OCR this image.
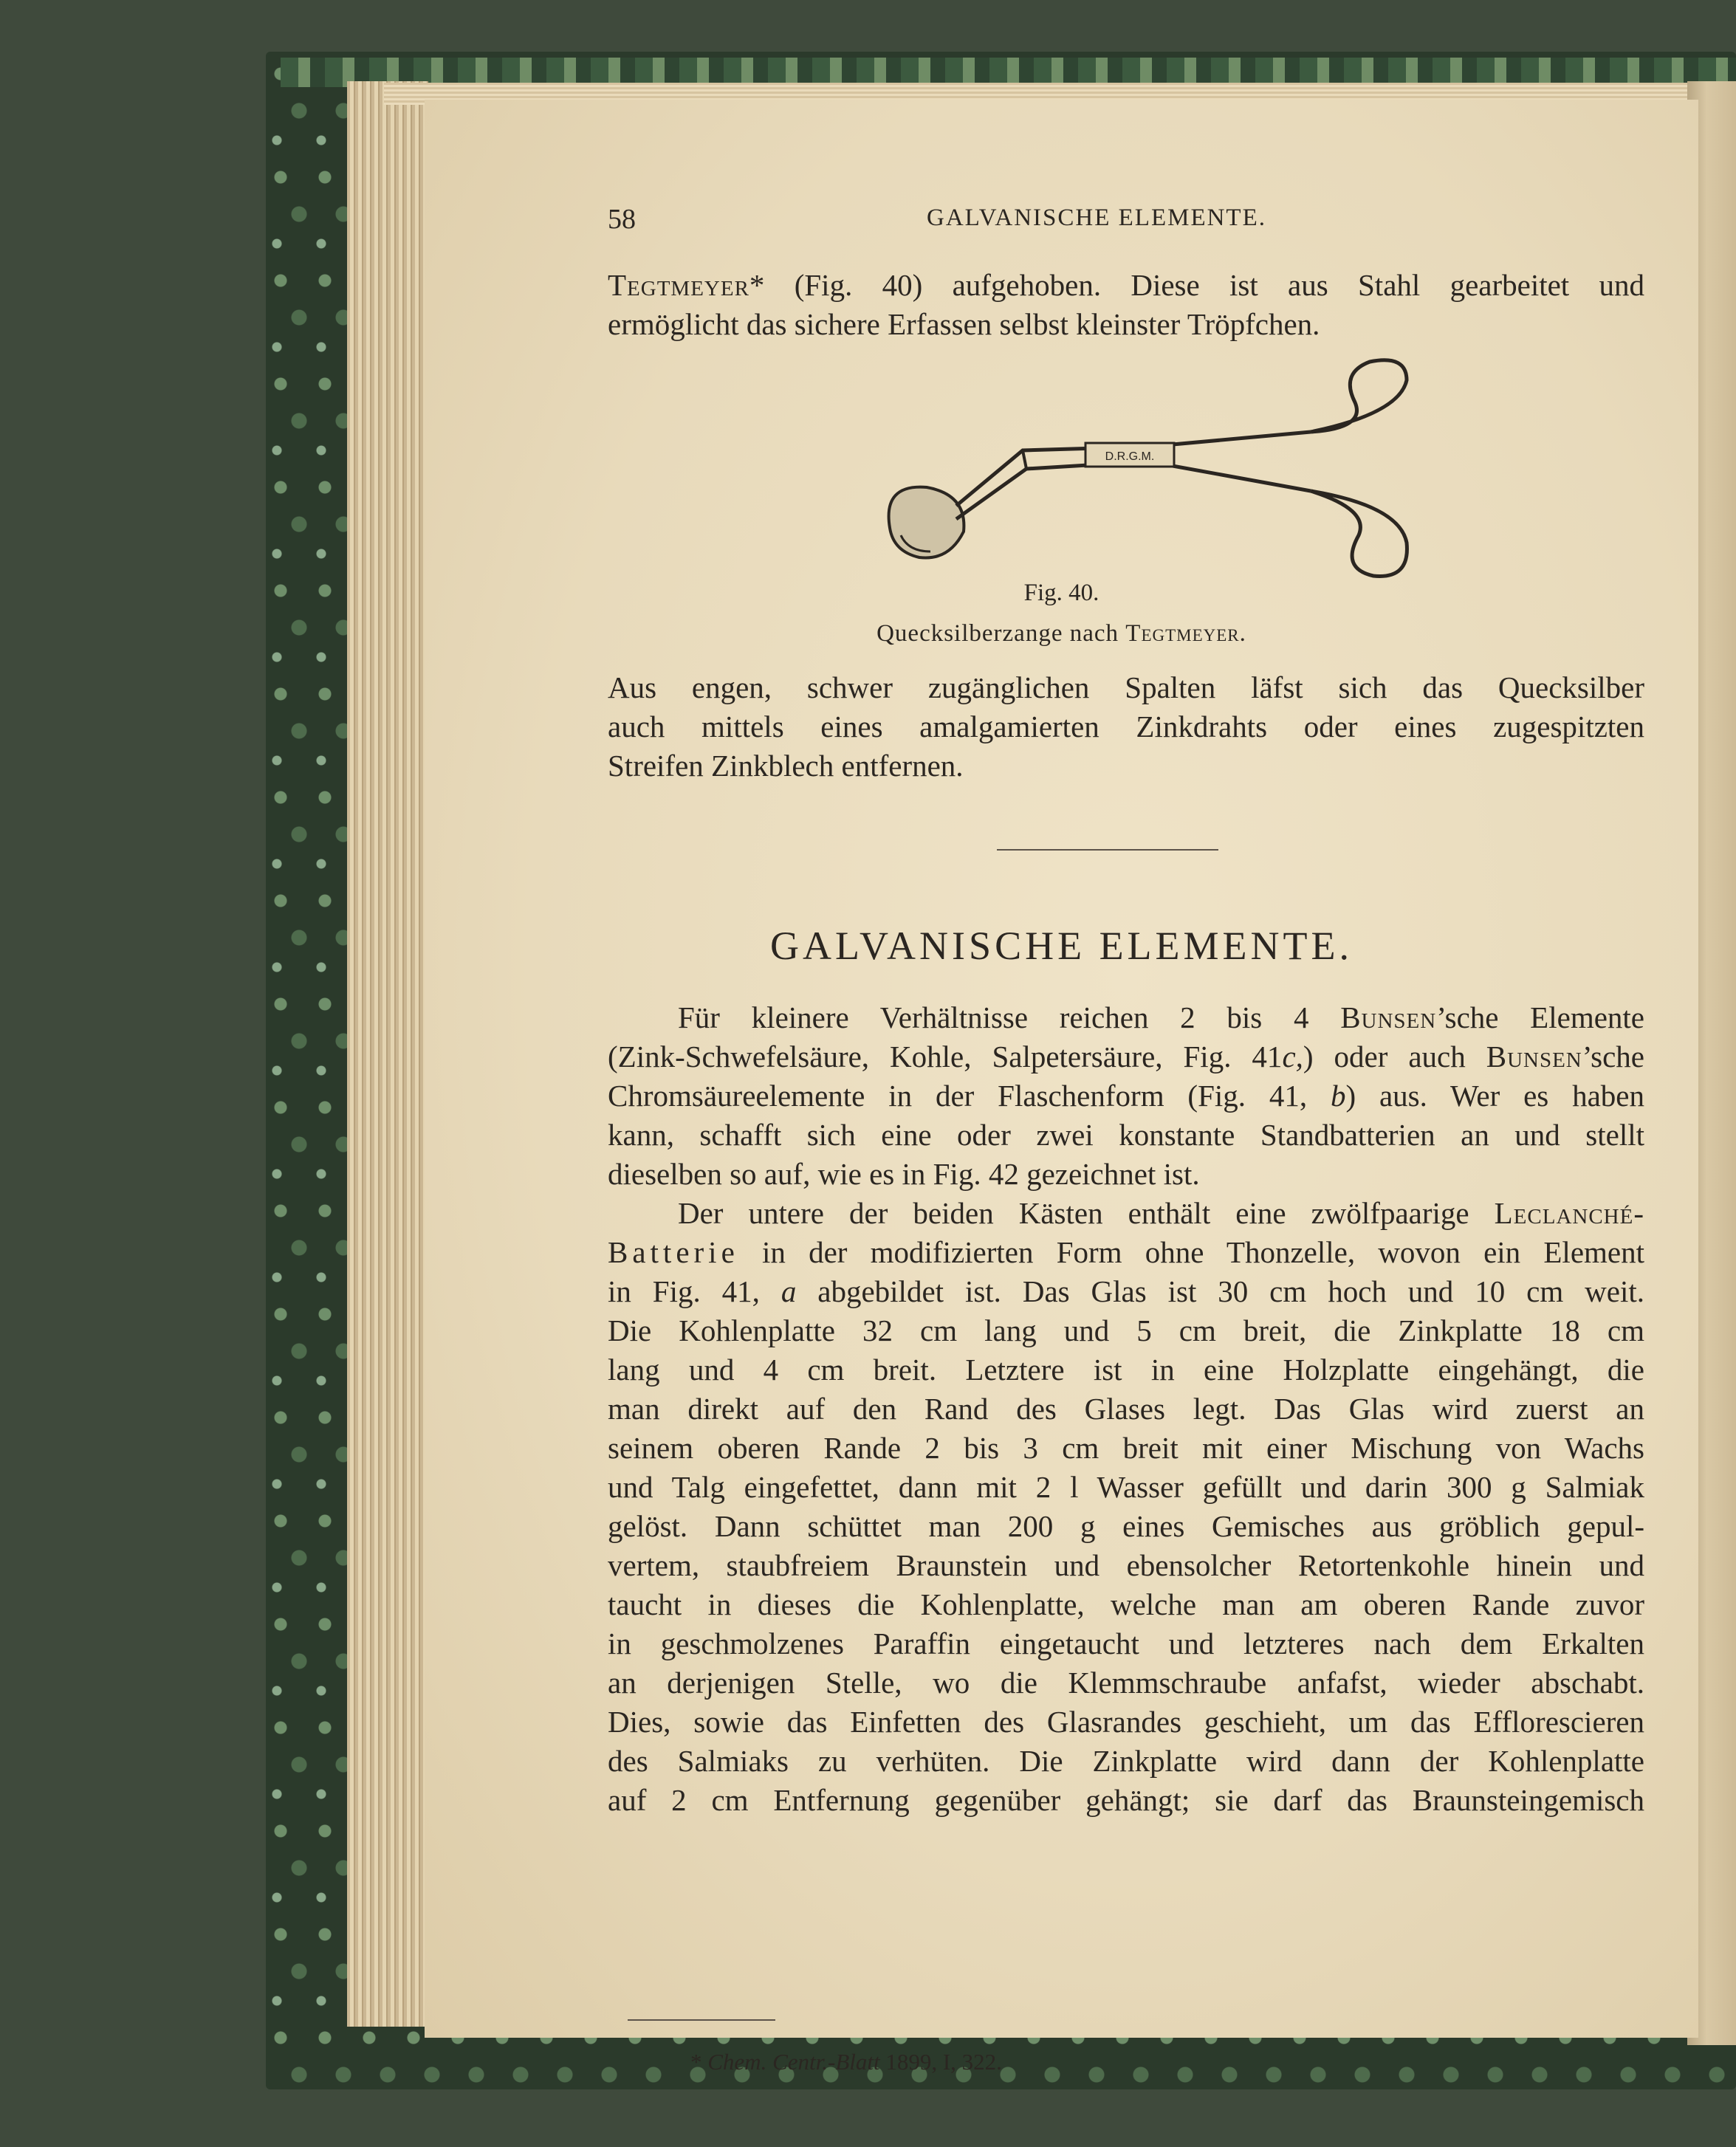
58	GALVANISCHE ELEMENTE.
Tegtmeyer* (Fig. 40) aufgehoben. Diese ist aus Stahl gearbeitet und
ermöglicht das sichere Erfassen selbst kleinster Tröpfchen.
D.R.G.M.
Fig. 40.
Quecksilberzange nach Tegtmeyer.
Aus engen, schwer zugänglichen Spalten läfst sich das Quecksilber
auch mittels eines amalgamierten Zinkdrahts oder eines zugespitzten
Streifen Zinkblech entfernen.
GALVANISCHE ELEMENTE.
Für kleinere Verhältnisse reichen 2 bis 4 Bunsen’sche Elemente
(Zink-Schwefelsäure, Kohle, Salpetersäure, Fig. 41c,) oder auch Bunsen’sche
Chromsäureelemente in der Flaschenform (Fig. 41, b) aus. Wer es haben
kann, schafft sich eine oder zwei konstante Standbatterien an und stellt
dieselben so auf, wie es in Fig. 42 gezeichnet ist.
Der untere der beiden Kästen enthält eine zwölfpaarige Leclanché-
Batterie in der modifizierten Form ohne Thonzelle, wovon ein Element
in Fig. 41, a abgebildet ist. Das Glas ist 30 cm hoch und 10 cm weit.
Die Kohlenplatte 32 cm lang und 5 cm breit, die Zinkplatte 18 cm
lang und 4 cm breit. Letztere ist in eine Holzplatte eingehängt, die
man direkt auf den Rand des Glases legt. Das Glas wird zuerst an
seinem oberen Rande 2 bis 3 cm breit mit einer Mischung von Wachs
und Talg eingefettet, dann mit 2 l Wasser gefüllt und darin 300 g Salmiak
gelöst. Dann schüttet man 200 g eines Gemisches aus gröblich gepul-
vertem, staubfreiem Braunstein und ebensolcher Retortenkohle hinein und
taucht in dieses die Kohlenplatte, welche man am oberen Rande zuvor
in geschmolzenes Paraffin eingetaucht und letzteres nach dem Erkalten
an derjenigen Stelle, wo die Klemmschraube anfafst, wieder abschabt.
Dies, sowie das Einfetten des Glasrandes geschieht, um das Efflorescieren
des Salmiaks zu verhüten. Die Zinkplatte wird dann der Kohlenplatte
auf 2 cm Entfernung gegenüber gehängt; sie darf das Braunsteingemisch
* Chem. Centr.-Blatt 1899, I, 322.
